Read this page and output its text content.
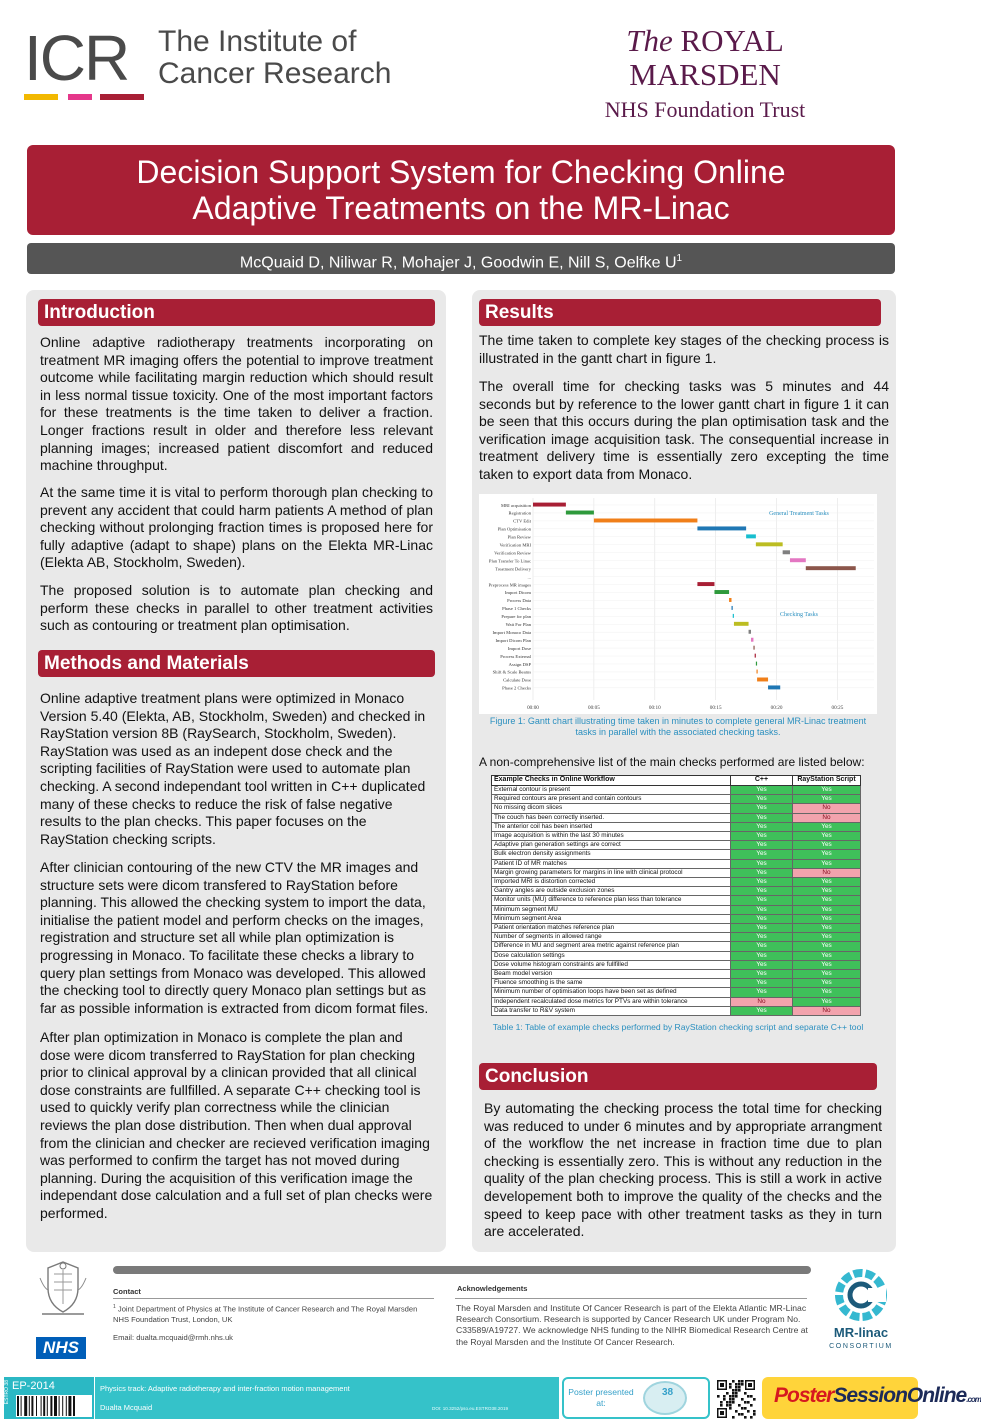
ICR The Institute of
Cancer Research
The ROYAL MARSDEN
NHS Foundation Trust
Decision Support System for Checking Online
Adaptive Treatments on the MR-Linac
McQuaid D, Niliwar R, Mohajer J, Goodwin E, Nill S, Oelfke $U^1$
Introduction
Online adaptive radiotherapy treatments incorporating on treatment MR imaging offers the potential to improve treatment outcome while facilitating margin reduction which should result in less normal tissue toxicity. One of the most important factors for these treatments is the time taken to deliver a fraction. Longer fractions result in older and therefore less relevant planning images; increased patient discomfort and reduced machine throughput.
At the same time it is vital to perform thorough plan checking to prevent any accident that could harm patients A method of plan checking without prolonging fraction times is proposed here for fully adaptive (adapt to shape) plans on the Elekta MR-Linac (Elekta AB, Stockholm, Sweden).
The proposed solution is to automate plan checking and perform these checks in parallel to other treatment activities such as contouring or treatment plan optimisation.
Methods and Materials
Online adaptive treatment plans were optimized in Monaco Version 5.40 (Elekta, AB, Stockholm, Sweden) and checked in RayStation version 8B (RaySearch, Stockholm, Sweden). RayStation was used as an indepent dose check and the scripting facilities of RayStation were used to automate plan checking. A second independant tool written in C++ duplicated many of these checks to reduce the risk of false negative results to the plan checks. This paper focuses on the RayStation checking scripts.
After clinician contouring of the new CTV the MR images and structure sets were dicom transfered to RayStation before planning. This allowed the checking system to import the data, initialise the patient model and perform checks on the images, registration and structure set all while plan optimization is progressing in Monaco. To facilitate these checks a library to query plan settings from Monaco was developed. This allowed the checking tool to directly query Monaco plan settings but as far as possible information is extracted from dicom format files.
After plan optimization in Monaco is complete the plan and dose were dicom transferred to RayStation for plan checking prior to clinical approval by a clinican provided that all clinical dose constraints are fullfilled. A separate C++ checking tool is used to quickly verify plan correctness while the clinician reviews the plan dose distribution. Then when dual approval from the clinician and checker are recieved verification imaging was performed to confirm the target has not moved during planning. During the acquisition of this verification image the independant dose calculation and a full set of plan checks were performed.
Results
The time taken to complete key stages of the checking process is illustrated in the gantt chart in figure 1.
The overall time for checking tasks was 5 minutes and 44 seconds but by reference to the lower gantt chart in figure 1 it can be seen that this occurs during the plan optimisation task and the verification image acquisition task. The consequential increase in treatment delivery time is essentially zero excepting the time taken to export data from Monaco.
00:00	00:05	00:10	00:15	00:20	00:25
MRI acquisition
Registration
CTV Edit
Plan Optimisation
Plan Review
Verification MRI
Verification Review
Plan Transfer To Linac
Treatment Delivery
...
Preprocess MR images
Import Dicom
Process Data
Phase 1 Checks
Prepare for plan
Wait For Plan
Import Monaco Data
Import Dicom Plan
Import Dose
Process External
Assign DSP
Shift & Scale Beams
Calculate Dose
Phase 2 Checks
General Treatment Tasks
Checking Tasks
Figure 1: Gantt chart illustrating time taken in minutes to complete general MR-Linac treatment tasks in parallel with the associated checking tasks.
A non-comprehensive list of the main checks performed are listed below:
Example Checks in Online Workflow	C++	RayStation Script
External contour is present	Yes	Yes
Required contours are present and contain contours	Yes	Yes
No missing dicom slices	Yes	No
The couch has been correctly inserted.	Yes	No
The anterior coil has been inserted	Yes	Yes
Image acquisition is within the last 30 minutes	Yes	Yes
Adaptive plan generation settings are correct	Yes	Yes
Bulk electron density assignments	Yes	Yes
Patient ID of MR matches	Yes	Yes
Margin growing parameters for margins in line with clinical protocol	Yes	No
Imported MRI is distortion corrected	Yes	Yes
Gantry angles are outside exclusion zones	Yes	Yes
Monitor units (MU) difference to reference plan less than tolerance	Yes	Yes
Minimum segment MU	Yes	Yes
Minimum segment Area	Yes	Yes
Patient orientation matches reference plan	Yes	Yes
Number of segments in allowed range	Yes	Yes
Difference in MU and segment area metric against reference plan	Yes	Yes
Dose calculation settings	Yes	Yes
Dose volume histogram constraints are fullfilled	Yes	Yes
Beam model version	Yes	Yes
Fluence smoothing is the same	Yes	Yes
Minimum number of optimisation loops have been set as defined	Yes	Yes
Independent recalculated dose metrics for PTVs are within tolerance	No	Yes
Data transfer to R&V system	Yes	No
Table 1: Table of example checks performed by RayStation checking script and separate C++ tool
Conclusion
By automating the checking process the total time for checking was reduced to under 6 minutes and by appropriate arrangment of the workflow the net increase in fraction time due to plan checking is essentially zero. This is without any reduction in the quality of the plan checking process. This is still a work in active developement both to improve the quality of the checks and the speed to keep pace with other treatment tasks as they in turn are accelerated.
NHS
Contact
$^1$ Joint Department of Physics at The Institute of Cancer Research and The Royal Marsden NHS Foundation Trust, London, UK
Email: dualta.mcquaid@rmh.nhs.uk
Acknowledgements
The Royal Marsden and Institute Of Cancer Research is part of the Elekta Atlantic MR-Linac Research Consortium. Research is supported by Cancer Research UK under Program No. C33589/A19727. We acknowledge NHS funding to the NIHR Biomedical Research Centre at the Royal Marsden and the Institute Of Cancer Research.
MR-linac
CONSORTIUM
EP-2014
ESTRO 38	Physics track: Adaptive radiotherapy and inter-fraction motion management
Dualta Mcquaid	DOI: 10.3252/pso.eu.ESTRO38.2019
Poster presented at:
38	PosterSessionOnline.com
